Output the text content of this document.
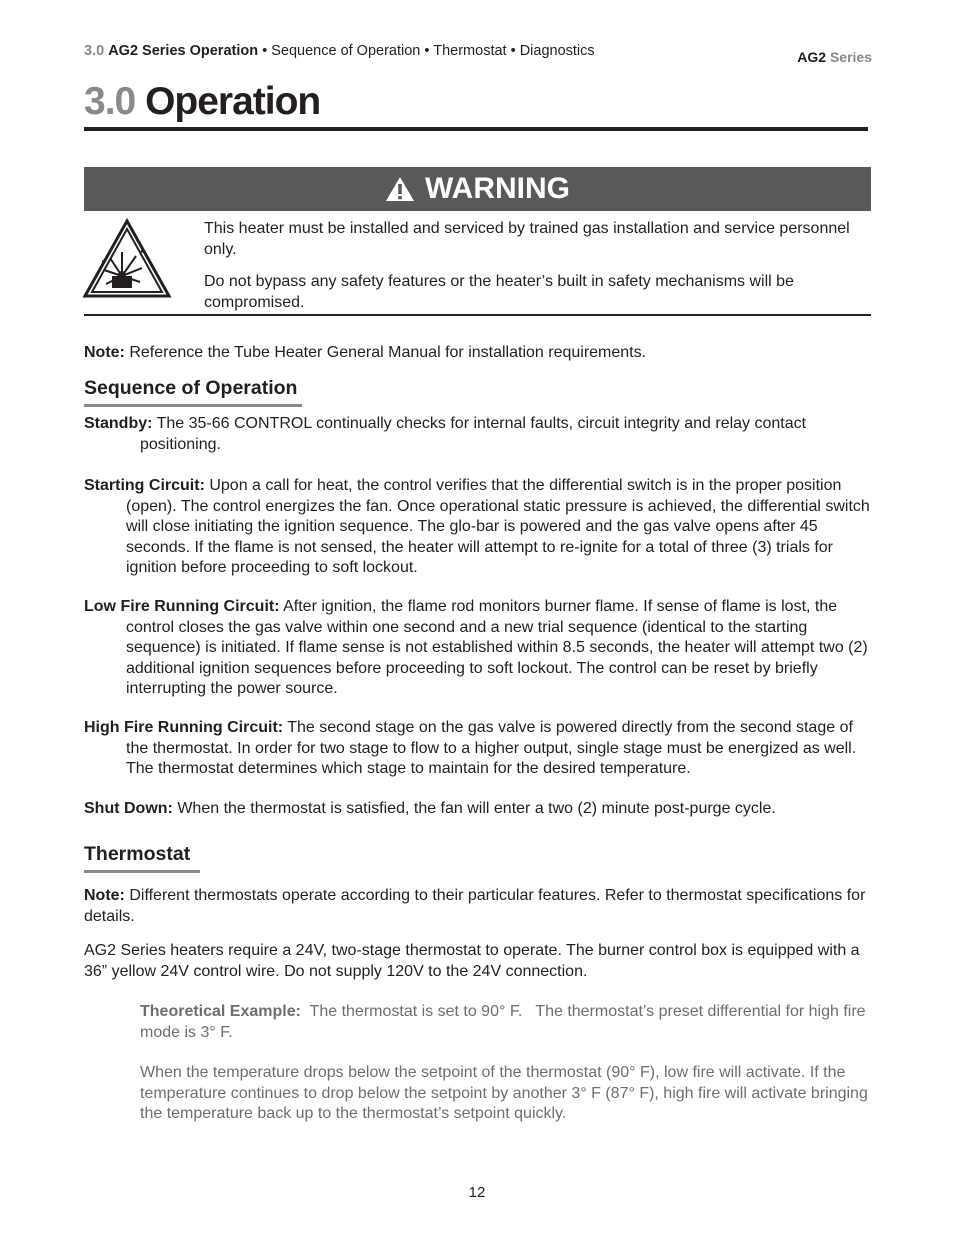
3.0 AG2 Series Operation • Sequence of Operation • Thermostat • Diagnostics	AG2 Series
3.0 Operation
WARNING
This heater must be installed and serviced by trained gas installation and service personnel only.
Do not bypass any safety features or the heater’s built in safety mechanisms will be compromised.
Note: Reference the Tube Heater General Manual for installation requirements.
Sequence of Operation
Standby: The 35-66 CONTROL continually checks for internal faults, circuit integrity and relay contact positioning.
Starting Circuit: Upon a call for heat, the control verifies that the differential switch is in the proper position (open). The control energizes the fan. Once operational static pressure is achieved, the differential switch will close initiating the ignition sequence. The glo-bar is powered and the gas valve opens after 45 seconds. If the flame is not sensed, the heater will attempt to re-ignite for a total of three (3) trials for ignition before proceeding to soft lockout.
Low Fire Running Circuit: After ignition, the flame rod monitors burner flame. If sense of flame is lost, the control closes the gas valve within one second and a new trial sequence (identical to the starting sequence) is initiated. If flame sense is not established within 8.5 seconds, the heater will attempt two (2) additional ignition sequences before proceeding to soft lockout. The control can be reset by briefly interrupting the power source.
High Fire Running Circuit: The second stage on the gas valve is powered directly from the second stage of the thermostat. In order for two stage to flow to a higher output, single stage must be energized as well. The thermostat determines which stage to maintain for the desired temperature.
Shut Down: When the thermostat is satisfied, the fan will enter a two (2) minute post-purge cycle.
Thermostat
Note: Different thermostats operate according to their particular features. Refer to thermostat specifications for details.
AG2 Series heaters require a 24V, two-stage thermostat to operate. The burner control box is equipped with a 36” yellow 24V control wire. Do not supply 120V to the 24V connection.
Theoretical Example:  The thermostat is set to 90° F.   The thermostat’s preset differential for high fire mode is 3° F.
When the temperature drops below the setpoint of the thermostat (90° F), low fire will activate. If the temperature continues to drop below the setpoint by another 3° F (87° F), high fire will activate bringing the temperature back up to the thermostat’s setpoint quickly.
12
